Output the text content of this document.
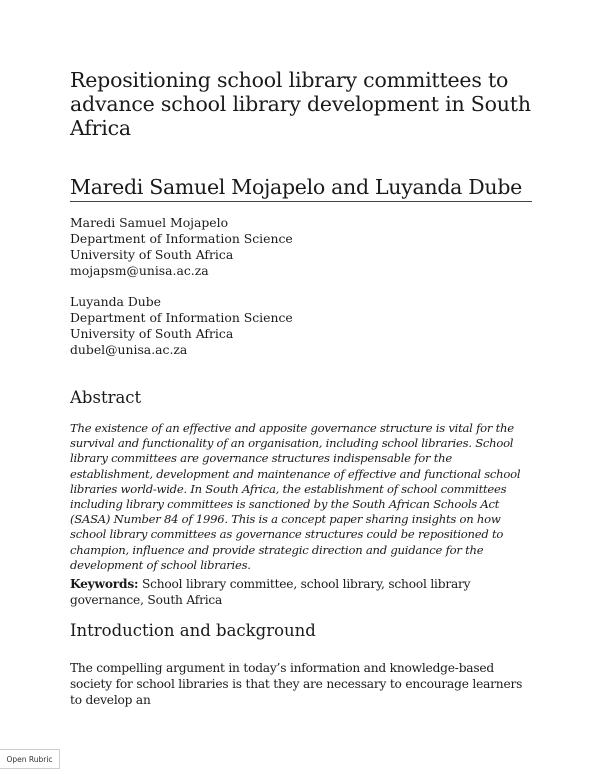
Repositioning school library committees to advance school library development in South Africa
Maredi Samuel Mojapelo and Luyanda Dube
Maredi Samuel Mojapelo
Department of Information Science
University of South Africa
mojapsm@unisa.ac.za
Luyanda Dube
Department of Information Science
University of South Africa
dubel@unisa.ac.za
Abstract

The existence of an effective and apposite governance structure is vital for the survival and functionality of an organisation, including school libraries. School library committees are governance structures indispensable for the establishment, development and maintenance of effective and functional school libraries world-wide. In South Africa, the establishment of school committees including library committees is sanctioned by the South African Schools Act (SASA) Number 84 of 1996. This is a concept paper sharing insights on how school library committees as governance structures could be repositioned to champion, influence and provide strategic direction and guidance for the development of school libraries.

Keywords: School library committee, school library, school library governance, South Africa

Introduction and background

The compelling argument in today’s information and knowledge-based society for school libraries is that they are necessary to encourage learners to develop an

Open Rubric
